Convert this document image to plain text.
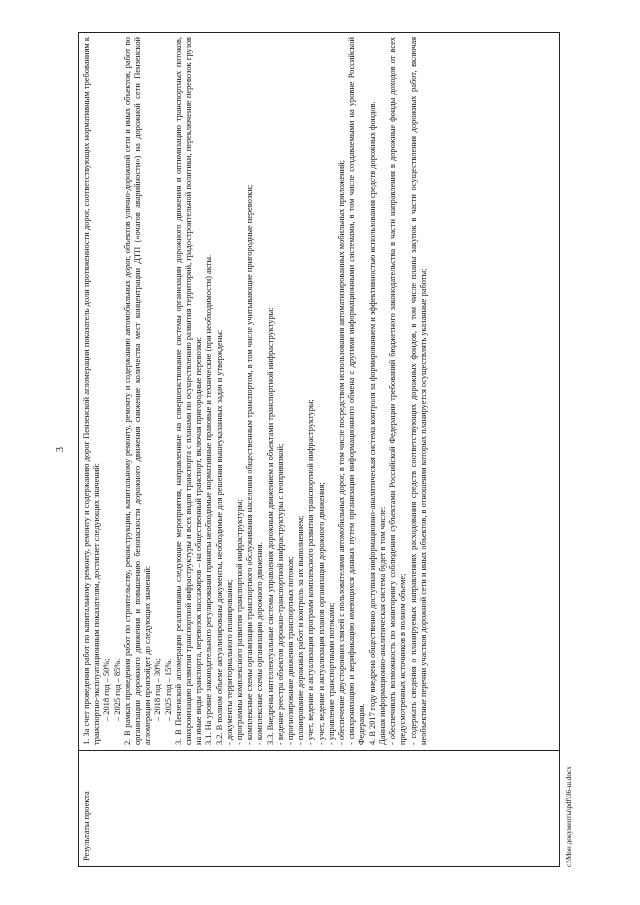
3
Результаты проекта

1. За счет проведения работ по капитальному ремонту, ремонту и содержанию дорог Пензенской агломерации показатель доли протяженности дорог, соответствующих нормативным требованиям к транспортно-эксплуатационным показателям, достигнет следующих значений: – 2018 год – 50%; – 2025 год – 85%. 2. В рамках проведения работ по строительству, реконструкции, капитальному ремонту, ремонту и содержанию автомобильных дорог, объектов улично-дорожной сети и иных объектов, работ по организации дорожного движения и повышению безопасности дорожного движения снижение количества мест концентрации ДТП («очагов аварийности») на дорожной сети Пензенской агломерации произойдет до следующих значений: – 2018 год – 30%; – 2025 год – 15%. 3. В Пензенской агломерации реализованы следующие мероприятия, направленные на совершенствование системы организации дорожного движения и оптимизацию транспортных потоков, синхронизацию развития транспортной инфраструктуры и всех видов транспорта с планами по осуществлению развития территорий, градостроительной политики, переключение перевозок грузов на иные виды транспорта, перевозок пассажиров – на общественный транспорт, включая пригородные перевозки: 3.1. На уровне законодательного регулирования приняты необходимые нормативные правовые и технические (при необходимости) акты. 3.2. В полном объеме актуализированы документы, необходимые для решения вышеуказанных задач и утверждены: - документы территориального планирования; - программы комплексного развития транспортной инфраструктуры; - комплексные схемы организации транспортного обслуживания населения общественным транспортом, в том числе учитывающие пригородные перевозки; - комплексные схемы организации дорожного движения. 3.3. Внедрены интеллектуальные системы управления дорожным движением и объектами транспортной инфраструктуры: - ведение реестра объектов дорожно-транспортной инфраструктуры с геопривязкой; - прогнозирование движения транспортных потоков; - планирование дорожных работ и контроль за их выполнением; - учет, ведение и актуализация программ комплексного развития транспортной инфраструктуры; - учет, ведение и актуализация планов организации дорожного движения; - управление транспортными потоками; - обеспечение двусторонних связей с пользователями автомобильных дорог, в том числе посредством использования автоматизированных мобильных приложений; - синхронизацию и верификацию имеющихся данных путем организации информационного обмена с другими информационными системами, в том числе создаваемыми на уровне Российской Федерации. 4. В 2017 году внедрена общественно доступная информационно-аналитическая система контроля за формированием и эффективностью использования средств дорожных фондов. Данная информационно-аналитическая система будет в том числе: - обеспечивать возможность по мониторингу соблюдения субъектами Российской Федерации требований бюджетного законодательства в части направления в дорожные фонды доходов от всех предусмотренных источников в полном объеме; - содержать сведения о планируемых направлениях расходования средств соответствующих дорожных фондов, в том числе планы закупок в части осуществления дорожных работ, включая необъектные перечни участков дорожной сети и иных объектов, в отношении которых планируется осуществлять указанные работы;

c:\Мои документы\pdf\36-ш.docx
